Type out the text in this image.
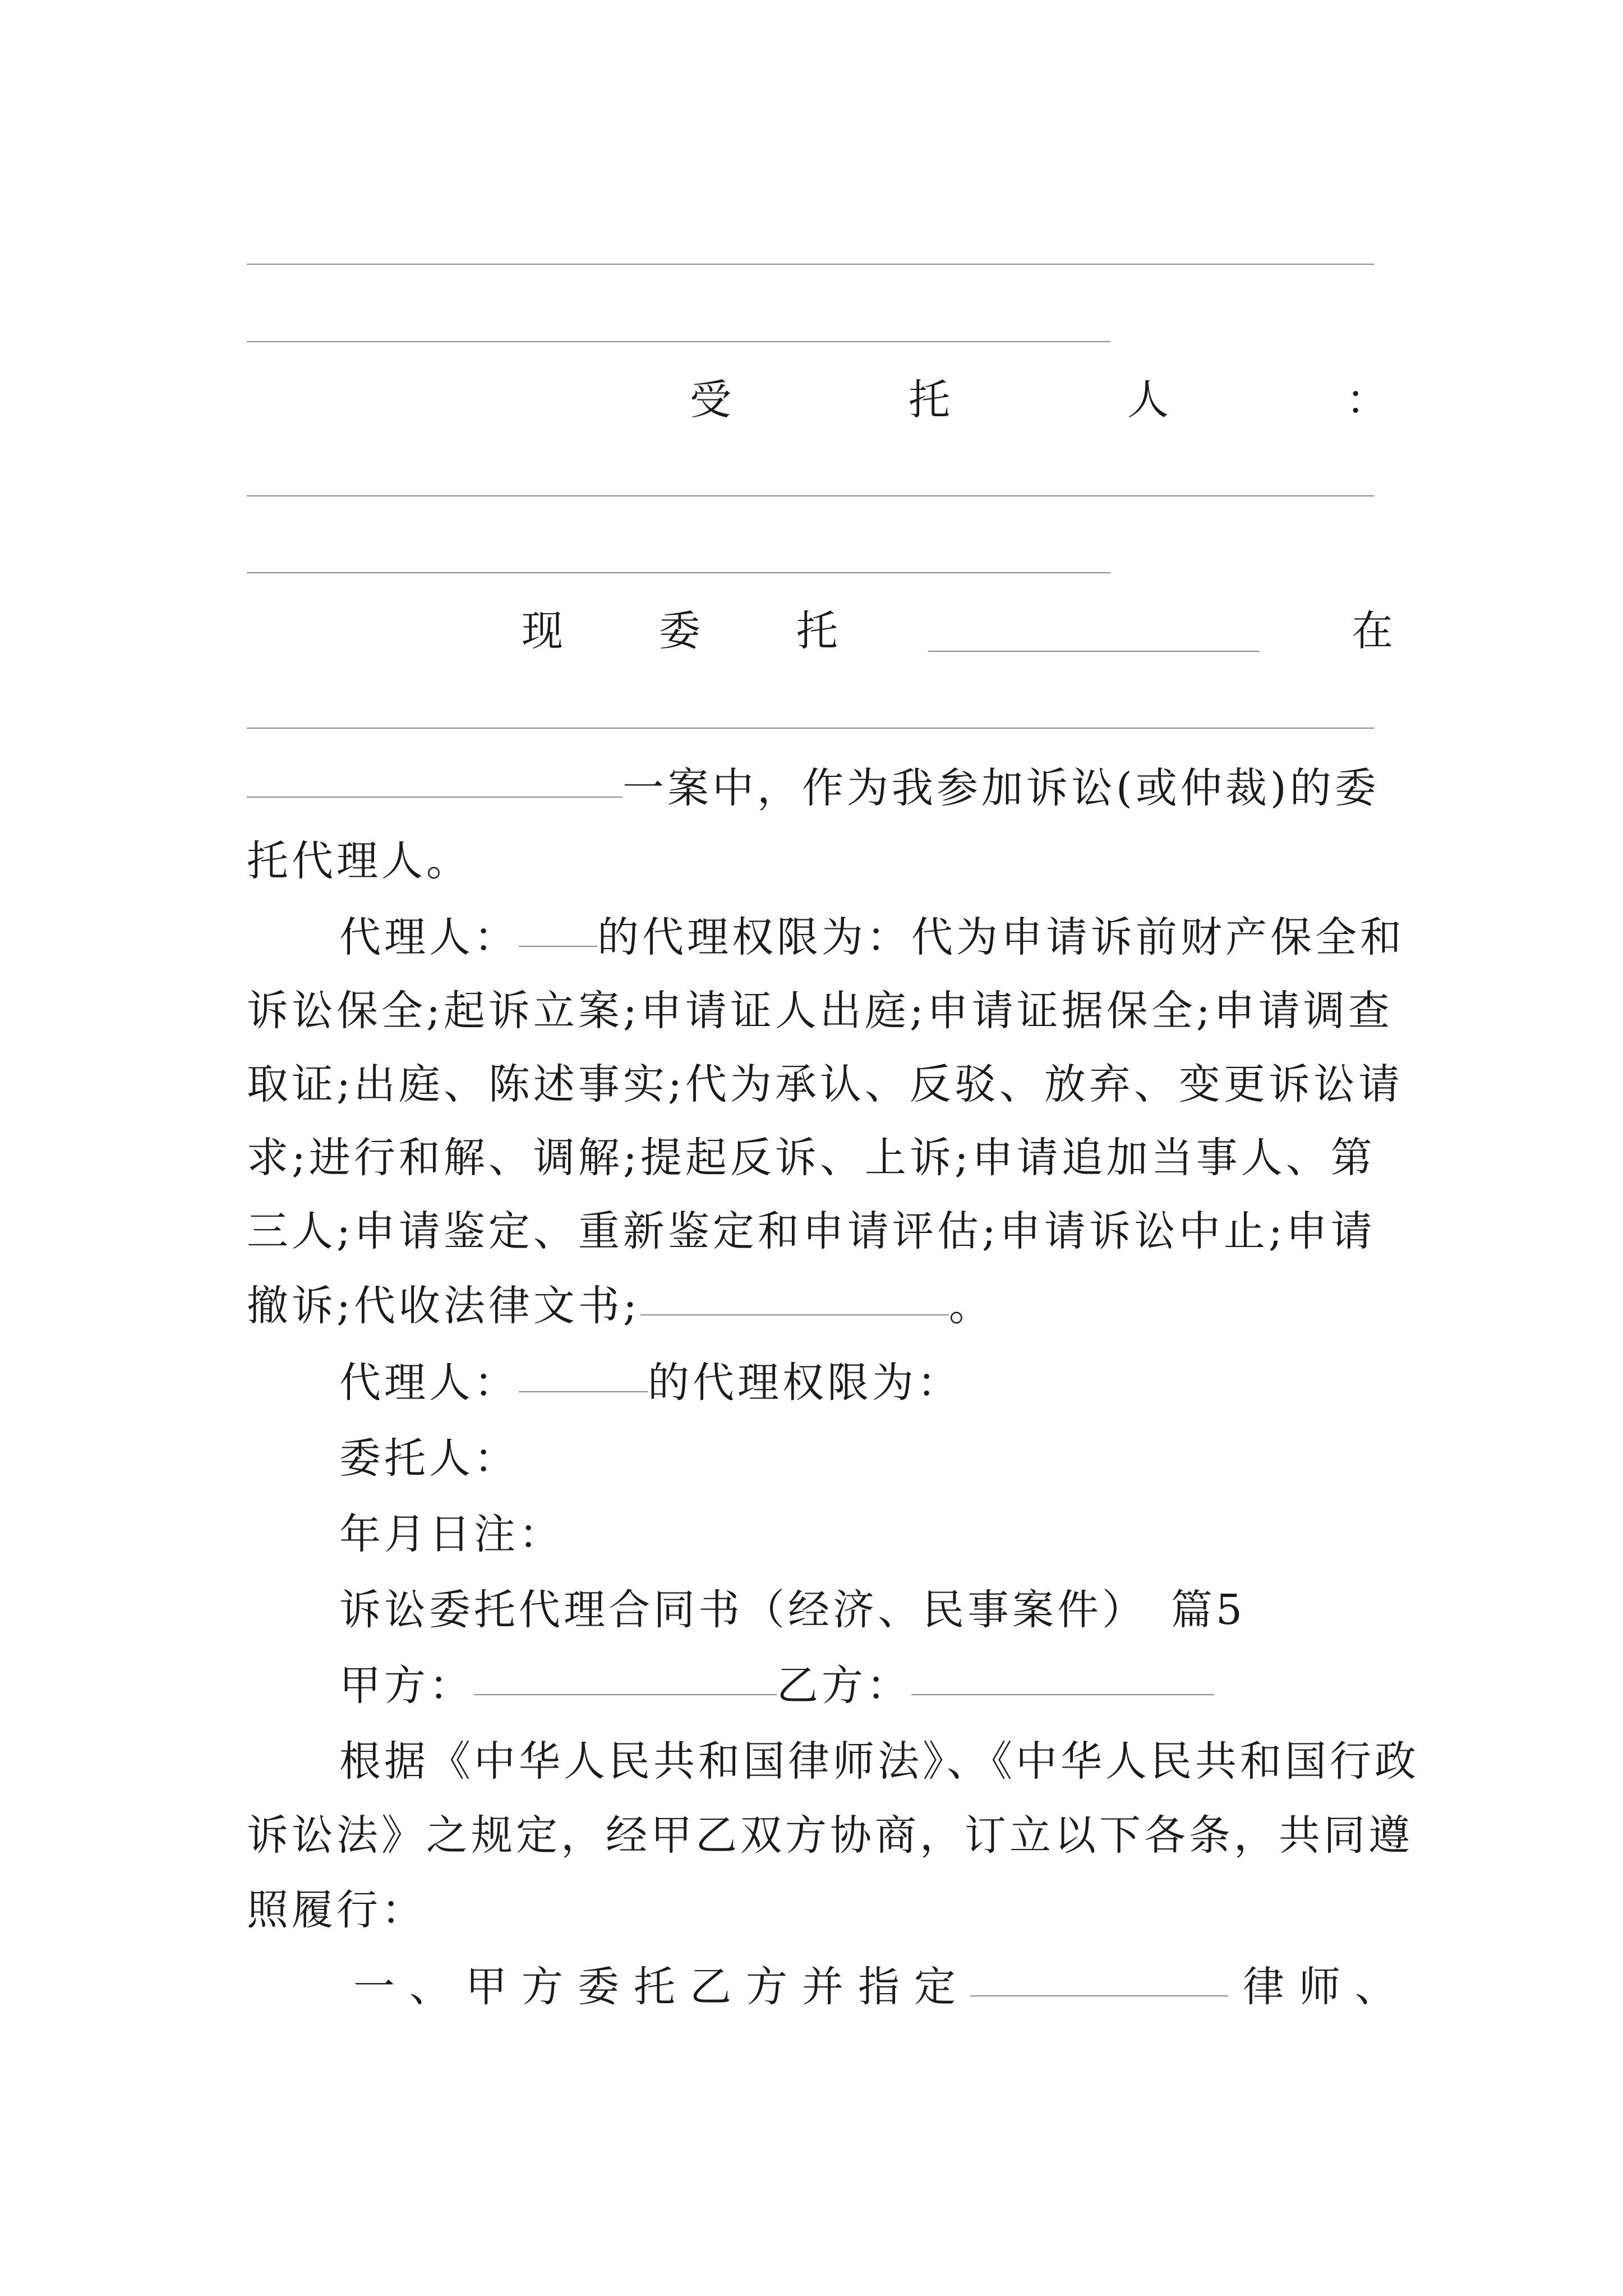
受	托	人	：
现 委 托	在
一案中，作为我参加诉讼(或仲裁)的委
托代理人。
代理人： 的代理权限为：代为申请诉前财产保全和
诉讼保全;起诉立案;申请证人出庭;申请证据保全;申请调查
取证;出庭、陈述事实;代为承认、反驳、放弃、变更诉讼请
求;进行和解、调解;提起反诉、上诉;申请追加当事人、第
三人;申请鉴定、重新鉴定和申请评估;申请诉讼中止;申请
撤诉;代收法律文书;	。
代理人：	的代理权限为：
委托人：
年月日注：
诉讼委托代理合同书（经济、民事案件）　篇5
甲方：	乙方：
根据《中华人民共和国律师法》、《中华人民共和国行政
诉讼法》之规定，经甲乙双方协商，订立以下各条，共同遵
照履行：
一、甲方委托乙方并指定	律师、
